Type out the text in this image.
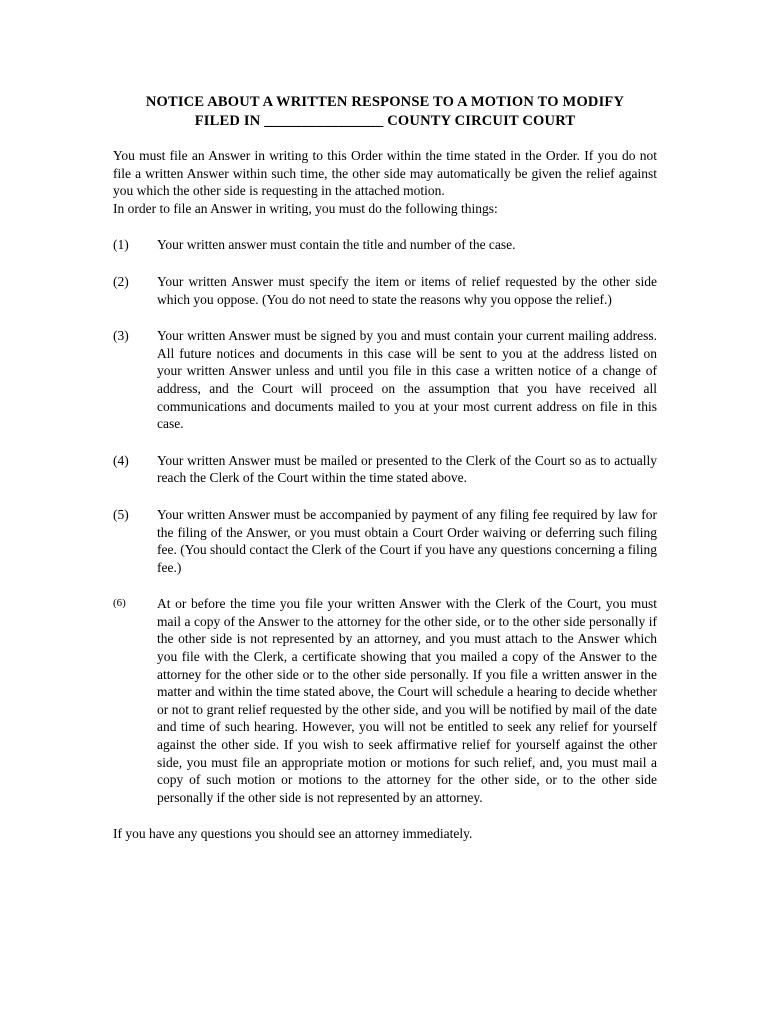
NOTICE ABOUT A WRITTEN RESPONSE TO A MOTION TO MODIFY
FILED IN ________________ COUNTY CIRCUIT COURT
You must file an Answer in writing to this Order within the time stated in the Order. If you do not file a written Answer within such time, the other side may automatically be given the relief against you which the other side is requesting in the attached motion.
In order to file an Answer in writing, you must do the following things:
(1) Your written answer must contain the title and number of the case.
(2) Your written Answer must specify the item or items of relief requested by the other side which you oppose. (You do not need to state the reasons why you oppose the relief.)
(3) Your written Answer must be signed by you and must contain your current mailing address. All future notices and documents in this case will be sent to you at the address listed on your written Answer unless and until you file in this case a written notice of a change of address, and the Court will proceed on the assumption that you have received all communications and documents mailed to you at your most current address on file in this case.
(4) Your written Answer must be mailed or presented to the Clerk of the Court so as to actually reach the Clerk of the Court within the time stated above.
(5) Your written Answer must be accompanied by payment of any filing fee required by law for the filing of the Answer, or you must obtain a Court Order waiving or deferring such filing fee. (You should contact the Clerk of the Court if you have any questions concerning a filing fee.)
(6) At or before the time you file your written Answer with the Clerk of the Court, you must mail a copy of the Answer to the attorney for the other side, or to the other side personally if the other side is not represented by an attorney, and you must attach to the Answer which you file with the Clerk, a certificate showing that you mailed a copy of the Answer to the attorney for the other side or to the other side personally. If you file a written answer in the matter and within the time stated above, the Court will schedule a hearing to decide whether or not to grant relief requested by the other side, and you will be notified by mail of the date and time of such hearing. However, you will not be entitled to seek any relief for yourself against the other side. If you wish to seek affirmative relief for yourself against the other side, you must file an appropriate motion or motions for such relief, and, you must mail a copy of such motion or motions to the attorney for the other side, or to the other side personally if the other side is not represented by an attorney.
If you have any questions you should see an attorney immediately.
